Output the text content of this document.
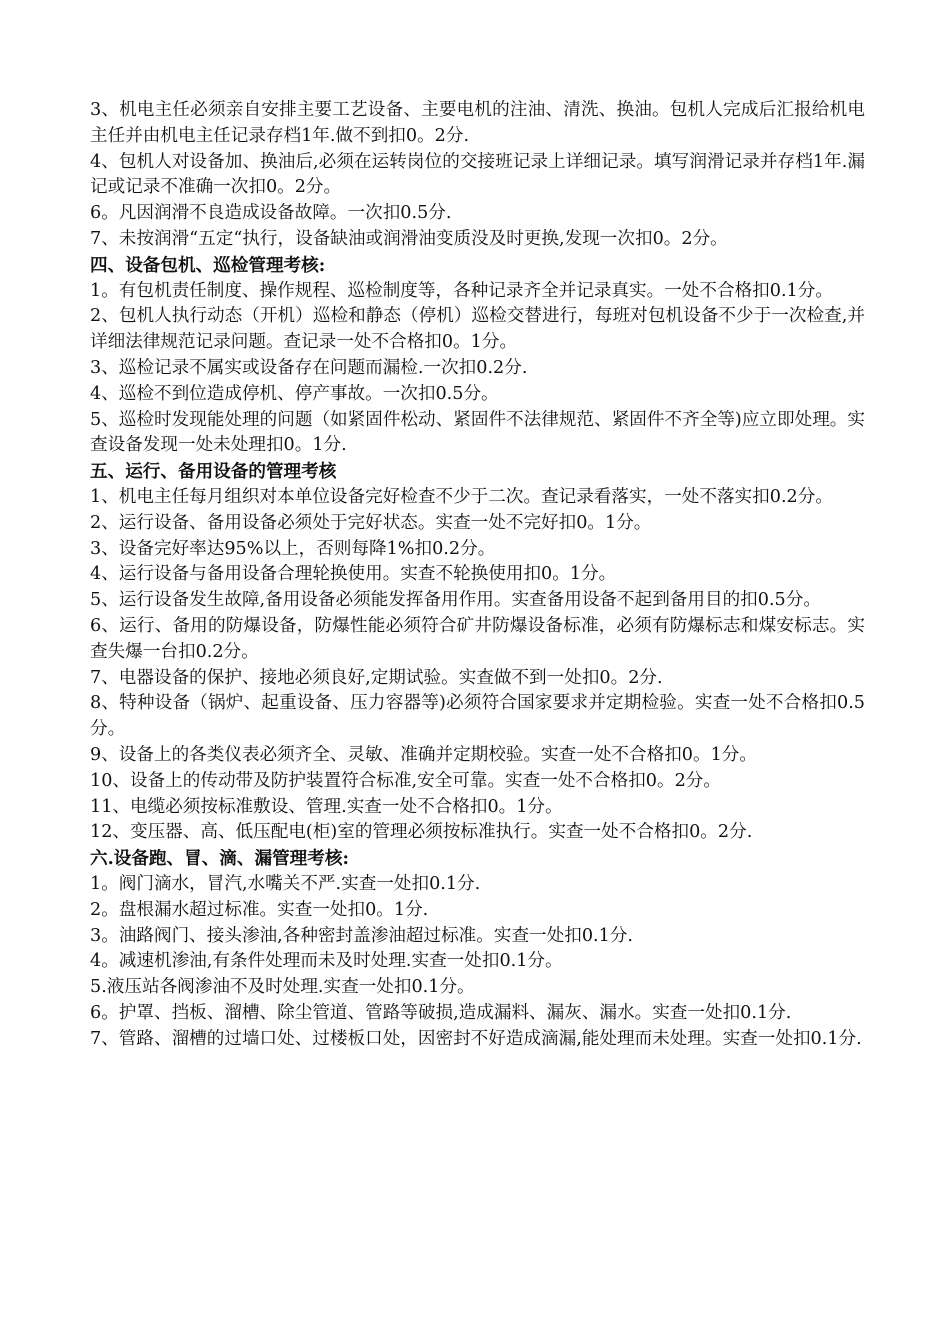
3、机电主任必须亲自安排主要工艺设备、主要电机的注油、清洗、换油。包机人完成后汇报给机电主任并由机电主任记录存档1年.做不到扣0。2分.

4、包机人对设备加、换油后,必须在运转岗位的交接班记录上详细记录。填写润滑记录并存档1年.漏记或记录不准确一次扣0。2分。

6。凡因润滑不良造成设备故障。一次扣0.5分.

7、未按润滑“五定“执行，设备缺油或润滑油变质没及时更换,发现一次扣0。2分。

四、设备包机、巡检管理考核:

1。有包机责任制度、操作规程、巡检制度等，各种记录齐全并记录真实。一处不合格扣0.1分。

2、包机人执行动态（开机）巡检和静态（停机）巡检交替进行，每班对包机设备不少于一次检查,并详细法律规范记录问题。查记录一处不合格扣0。1分。

3、巡检记录不属实或设备存在问题而漏检.一次扣0.2分.

4、巡检不到位造成停机、停产事故。一次扣0.5分。

5、巡检时发现能处理的问题（如紧固件松动、紧固件不法律规范、紧固件不齐全等)应立即处理。实查设备发现一处未处理扣0。1分.

五、运行、备用设备的管理考核

1、机电主任每月组织对本单位设备完好检查不少于二次。查记录看落实，一处不落实扣0.2分。

2、运行设备、备用设备必须处于完好状态。实查一处不完好扣0。1分。

3、设备完好率达95%以上，否则每降1%扣0.2分。

4、运行设备与备用设备合理轮换使用。实查不轮换使用扣0。1分。

5、运行设备发生故障,备用设备必须能发挥备用作用。实查备用设备不起到备用目的扣0.5分。

6、运行、备用的防爆设备，防爆性能必须符合矿井防爆设备标准，必须有防爆标志和煤安标志。实查失爆一台扣0.2分。

7、电器设备的保护、接地必须良好,定期试验。实查做不到一处扣0。2分.

8、特种设备（锅炉、起重设备、压力容器等)必须符合国家要求并定期检验。实查一处不合格扣0.5分。

9、设备上的各类仪表必须齐全、灵敏、准确并定期校验。实查一处不合格扣0。1分。

10、设备上的传动带及防护装置符合标准,安全可靠。实查一处不合格扣0。2分。

11、电缆必须按标准敷设、管理.实查一处不合格扣0。1分。

12、变压器、高、低压配电(柜)室的管理必须按标准执行。实查一处不合格扣0。2分.

六.设备跑、冒、滴、漏管理考核:

1。阀门滴水，冒汽,水嘴关不严.实查一处扣0.1分.

2。盘根漏水超过标准。实查一处扣0。1分.

3。油路阀门、接头渗油,各种密封盖渗油超过标准。实查一处扣0.1分.

4。减速机渗油,有条件处理而未及时处理.实查一处扣0.1分。

5.液压站各阀渗油不及时处理.实查一处扣0.1分。

6。护罩、挡板、溜槽、除尘管道、管路等破损,造成漏料、漏灰、漏水。实查一处扣0.1分.

7、管路、溜槽的过墙口处、过楼板口处，因密封不好造成滴漏,能处理而未处理。实查一处扣0.1分.
